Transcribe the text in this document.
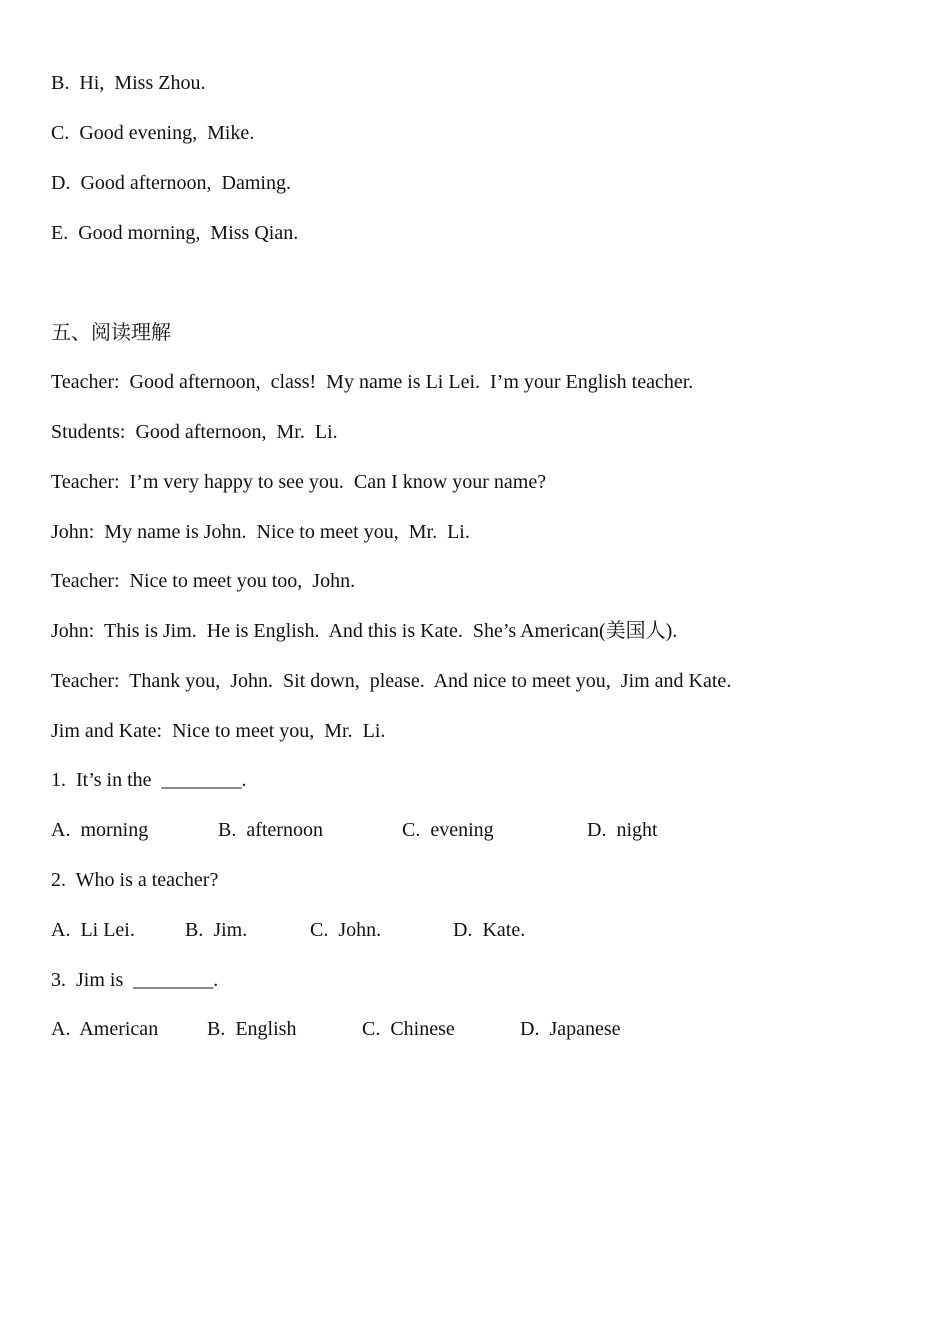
B.  Hi,  Miss Zhou.
C.  Good evening,  Mike.
D.  Good afternoon,  Daming.
E.  Good morning,  Miss Qian.
五、阅读理解
Teacher:  Good afternoon,  class!  My name is Li Lei.  I’m your English teacher.
Students:  Good afternoon,  Mr.  Li.
Teacher:  I’m very happy to see you.  Can I know your name?
John:  My name is John.  Nice to meet you,  Mr.  Li.
Teacher:  Nice to meet you too,  John.
John:  This is Jim.  He is English.  And this is Kate.  She’s American(美国人).
Teacher:  Thank you,  John.  Sit down,  please.  And nice to meet you,  Jim and Kate.
Jim and Kate:  Nice to meet you,  Mr.  Li.
1.  It’s in the  ________.
A.  morning	B.  afternoon	C.  evening	D.  night
2.  Who is a teacher?
A.  Li Lei.	B.  Jim.	C.  John.	D.  Kate.
3.  Jim is  ________.
A.  American B.  English	C.  Chinese	D.  Japanese
